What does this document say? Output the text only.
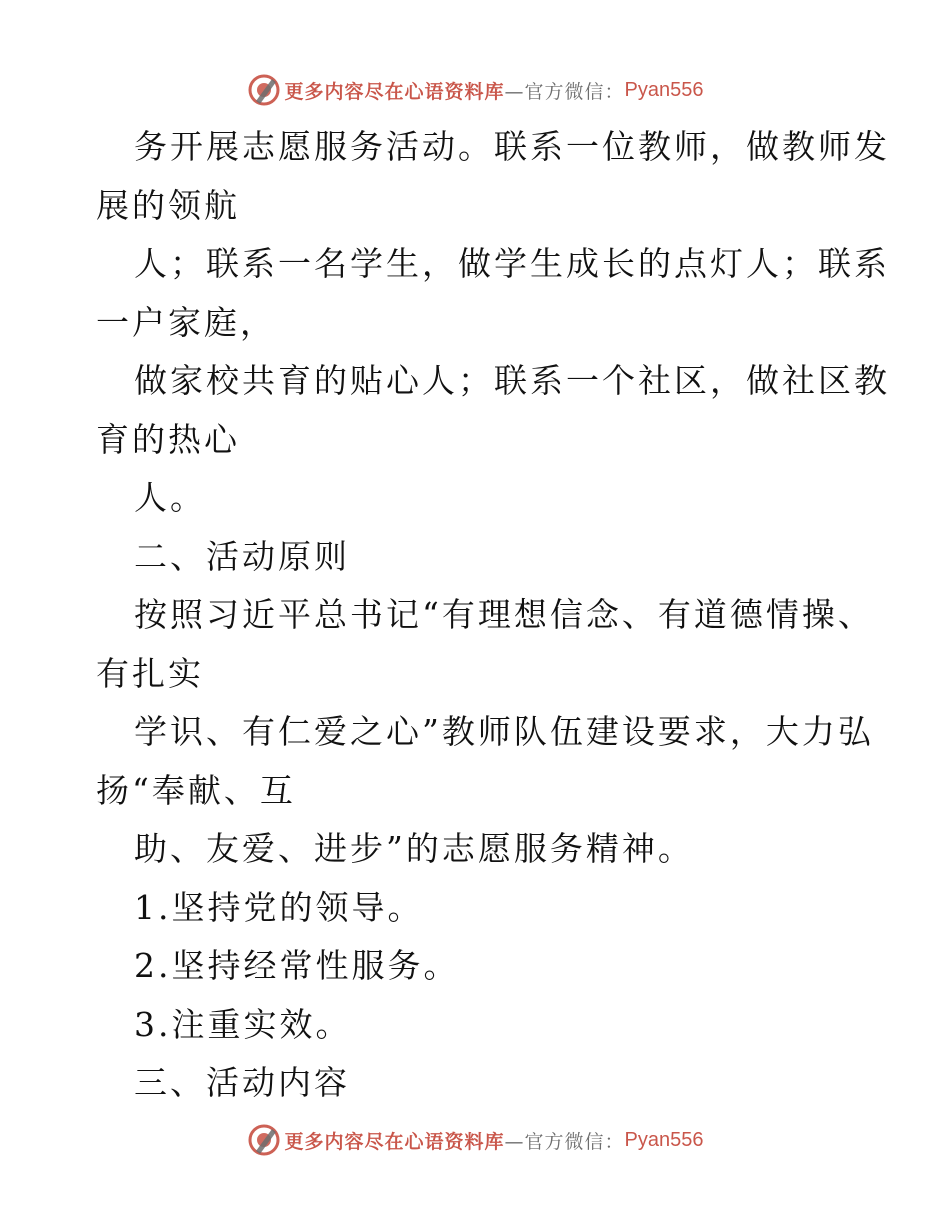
更多内容尽在心语资料库 —官方微信： Pyan556
务开展志愿服务活动。联系一位教师，做教师发
展的领航
人；联系一名学生，做学生成长的点灯人；联系
一户家庭，
做家校共育的贴心人；联系一个社区，做社区教
育的热心
人。
二、活动原则
按照习近平总书记“有理想信念、有道德情操、
有扎实
学识、有仁爱之心”教师队伍建设要求，大力弘
扬“奉献、互
助、友爱、进步”的志愿服务精神。
1.坚持党的领导。
2.坚持经常性服务。
3.注重实效。
三、活动内容
更多内容尽在心语资料库 —官方微信： Pyan556
